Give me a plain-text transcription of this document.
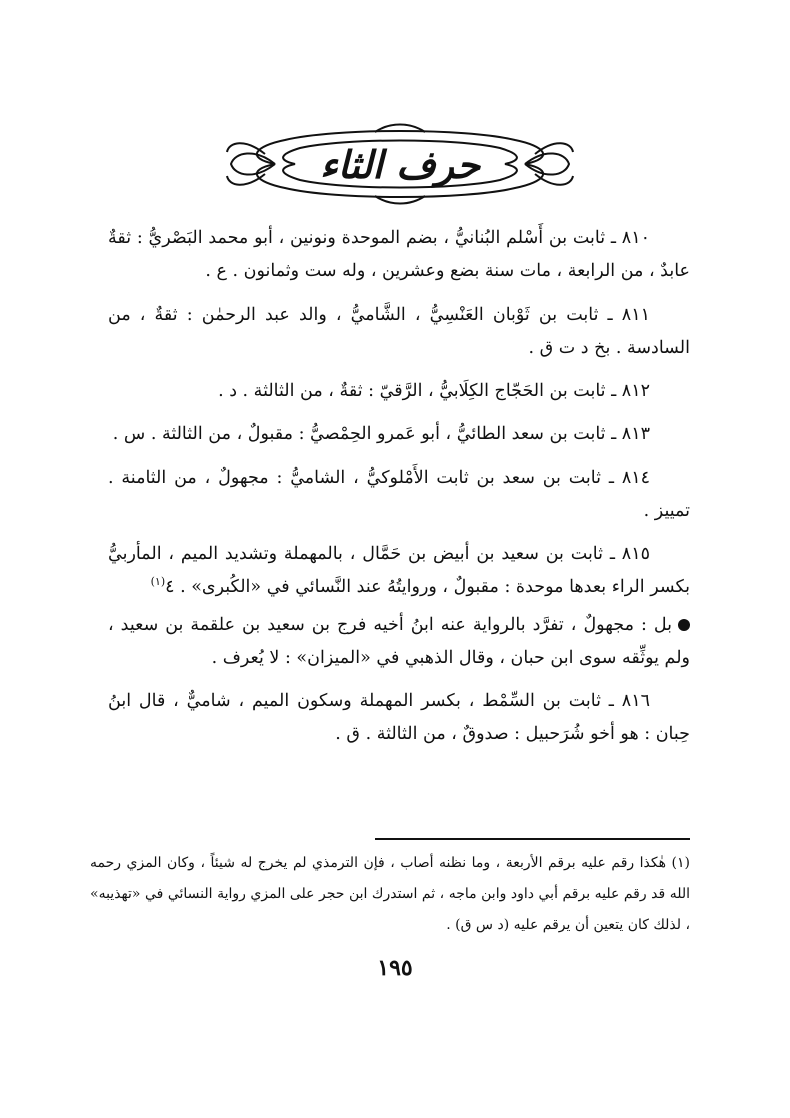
حرف الثاء

٨١٠ ـ ثابت بن أَسْلم البُنانيُّ ، بضم الموحدة ونونين ، أبو محمد البَصْريُّ : ثقةٌ عابدٌ ، من الرابعة ، مات سنة بضع وعشرين ، وله ست وثمانون . ع .

٨١١ ـ ثابت بن ثَوْبان العَنْسِيُّ ، الشَّاميُّ ، والد عبد الرحمٰن : ثقةٌ ، من السادسة . بخ د ت ق .

٨١٢ ـ ثابت بن الحَجّاج الكِلَابيُّ ، الرَّقيّ : ثقةٌ ، من الثالثة . د .

٨١٣ ـ ثابت بن سعد الطائيُّ ، أبو عَمرو الحِمْصيُّ : مقبولٌ ، من الثالثة . س .

٨١٤ ـ ثابت بن سعد بن ثابت الأَمْلوكيُّ ، الشاميُّ : مجهولٌ ، من الثامنة . تمييز .

٨١٥ ـ ثابت بن سعيد بن أبيض بن حَمَّال ، بالمهملة وتشديد الميم ، المأربيُّ بكسر الراء بعدها موحدة : مقبولٌ ، وروايتُهُ عند النَّسائي في «الكُبرى» . ٤$^{(١)}$

بل : مجهولٌ ، تفرَّد بالرواية عنه ابنُ أخيه فرج بن سعيد بن علقمة بن سعيد ، ولم يوثِّقه سوى ابن حبان ، وقال الذهبي في «الميزان» : لا يُعرف .

٨١٦ ـ ثابت بن السِّمْط ، بكسر المهملة وسكون الميم ، شاميٌّ ، قال ابنُ حِبان : هو أخو شُرَحبيل : صدوقٌ ، من الثالثة . ق .

(١) هٰكذا رقم عليه برقم الأربعة ، وما نظنه أصاب ، فإن الترمذي لم يخرج له شيئاً ، وكان المزي رحمه الله قد رقم عليه برقم أبي داود وابن ماجه ، ثم استدرك ابن حجر على المزي رواية النسائي في «تهذيبه» ، لذلك كان يتعين أن يرقم عليه (د س ق) .
١٩٥
